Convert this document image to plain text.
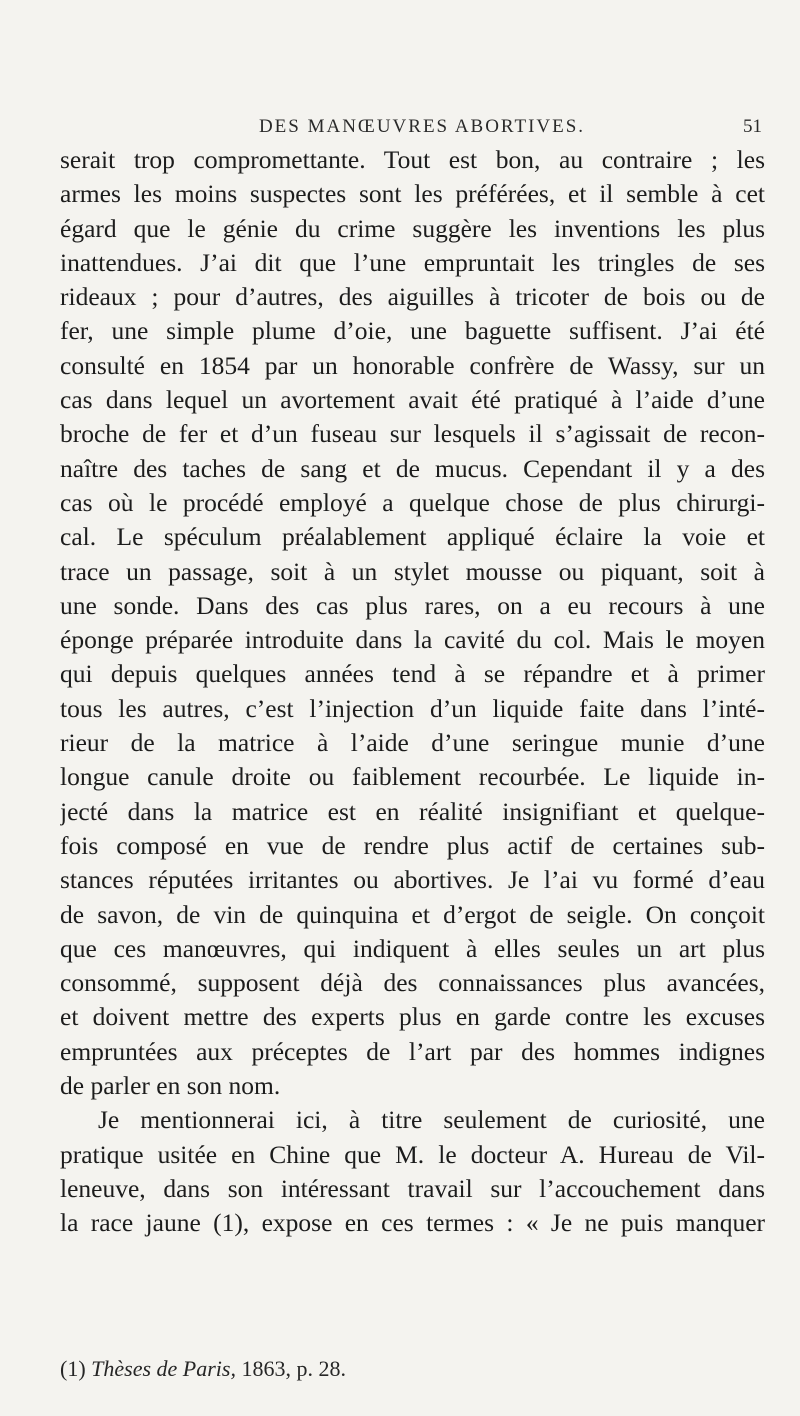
DES MANŒUVRES ABORTIVES.	51
serait trop compromettante. Tout est bon, au contraire ; les
armes les moins suspectes sont les préférées, et il semble à cet
égard que le génie du crime suggère les inventions les plus
inattendues. J’ai dit que l’une empruntait les tringles de ses
rideaux ; pour d’autres, des aiguilles à tricoter de bois ou de
fer, une simple plume d’oie, une baguette suffisent. J’ai été
consulté en 1854 par un honorable confrère de Wassy, sur un
cas dans lequel un avortement avait été pratiqué à l’aide d’une
broche de fer et d’un fuseau sur lesquels il s’agissait de recon-
naître des taches de sang et de mucus. Cependant il y a des
cas où le procédé employé a quelque chose de plus chirurgi-
cal. Le spéculum préalablement appliqué éclaire la voie et
trace un passage, soit à un stylet mousse ou piquant, soit à
une sonde. Dans des cas plus rares, on a eu recours à une
éponge préparée introduite dans la cavité du col. Mais le moyen
qui depuis quelques années tend à se répandre et à primer
tous les autres, c’est l’injection d’un liquide faite dans l’inté-
rieur de la matrice à l’aide d’une seringue munie d’une
longue canule droite ou faiblement recourbée. Le liquide in-
jecté dans la matrice est en réalité insignifiant et quelque-
fois composé en vue de rendre plus actif de certaines sub-
stances réputées irritantes ou abortives. Je l’ai vu formé d’eau
de savon, de vin de quinquina et d’ergot de seigle. On conçoit
que ces manœuvres, qui indiquent à elles seules un art plus
consommé, supposent déjà des connaissances plus avancées,
et doivent mettre des experts plus en garde contre les excuses
empruntées aux préceptes de l’art par des hommes indignes
de parler en son nom.
Je mentionnerai ici, à titre seulement de curiosité, une
pratique usitée en Chine que M. le docteur A. Hureau de Vil-
leneuve, dans son intéressant travail sur l’accouchement dans
la race jaune (1), expose en ces termes : « Je ne puis manquer
(1) Thèses de Paris, 1863, p. 28.
